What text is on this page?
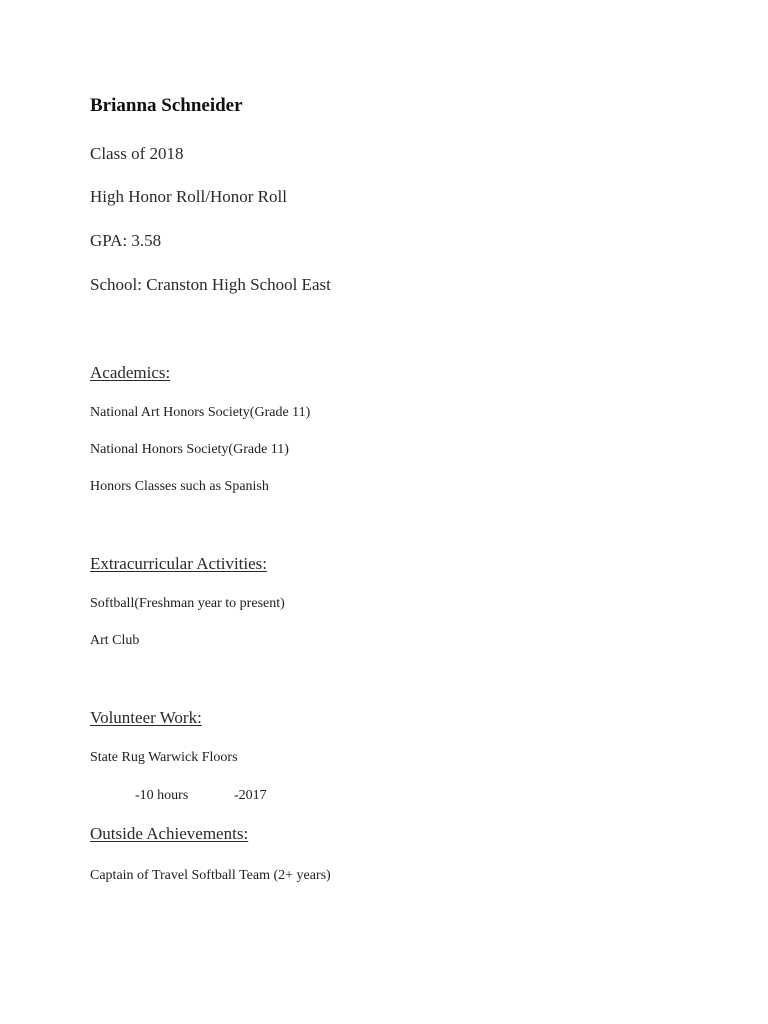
Brianna Schneider
Class of 2018
High Honor Roll/Honor Roll
GPA: 3.58
School: Cranston High School East
Academics:
National Art Honors Society(Grade 11)
National Honors Society(Grade 11)
Honors Classes such as Spanish
Extracurricular Activities:
Softball(Freshman year to present)
Art Club
Volunteer Work:
State Rug Warwick Floors
-10 hours	-2017
Outside Achievements:
Captain of Travel Softball Team (2+ years)
